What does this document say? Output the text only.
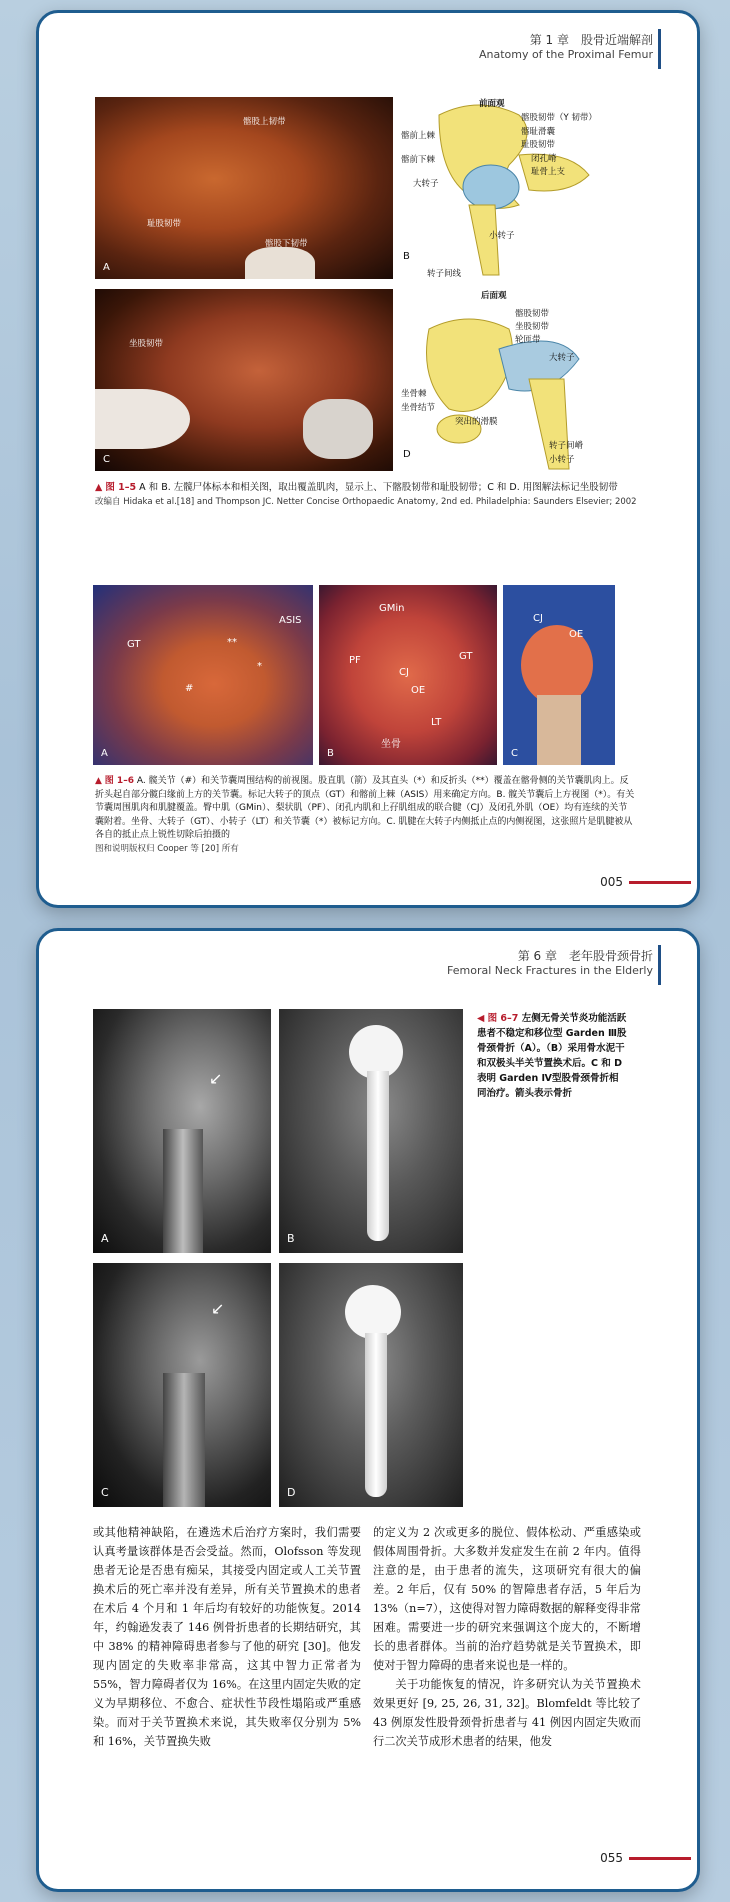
第 1 章　股骨近端解剖
Anatomy of the Proximal Femur
髂股上韧带
耻股韧带
髂股下韧带
A
前面观
髂股韧带（Y 韧带）
髂耻滑囊
耻股韧带
闭孔嵴
耻骨上支
髂前上棘
髂前下棘
大转子
小转子
转子间线
B
坐股韧带
C
后面观
髂股韧带
坐股韧带
轮匝带
大转子
坐骨棘
坐骨结节
突出的滑膜
转子间嵴
小转子
D
▲ 图 1–5 A 和 B. 左髋尸体标本和相关图，取出覆盖肌肉，显示上、下髂股韧带和耻股韧带；C 和 D. 用图解法标记坐股韧带
改编自 Hidaka et al.[18] and Thompson JC. Netter Concise Orthopaedic Anatomy, 2nd ed. Philadelphia: Saunders Elsevier; 2002
GT
ASIS
#
**
*
A
GMin
PF
CJ
OE
GT
LT
坐骨
B
CJ
OE
C
▲ 图 1–6 A. 髋关节（#）和关节囊周围结构的前视图。股直肌（箭）及其直头（*）和反折头（**）覆盖在髂骨侧的关节囊肌肉上。反折头起自部分髋臼缘前上方的关节囊。标记大转子的顶点（GT）和髂前上棘（ASIS）用来确定方向。B. 髋关节囊后上方视图（*）。有关节囊周围肌肉和肌腱覆盖。臀中肌（GMin）、梨状肌（PF）、闭孔内肌和上孖肌组成的联合腱（CJ）及闭孔外肌（OE）均有连续的关节囊附着。坐骨、大转子（GT）、小转子（LT）和关节囊（*）被标记方向。C. 肌腱在大转子内侧抵止点的内侧视图，这张照片是肌腱被从各自的抵止点上锐性切除后拍摄的
图和说明版权归 Cooper 等 [20] 所有
005
第 6 章　老年股骨颈骨折
Femoral Neck Fractures in the Elderly
A
↙
B
C
↙
D
◀ 图 6–7 左侧无骨关节炎功能活跃患者不稳定和移位型 Garden Ⅲ股骨颈骨折（A）。（B）采用骨水泥干和双极头半关节置换术后。C 和 D 表明 Garden Ⅳ型股骨颈骨折相同治疗。箭头表示骨折

或其他精神缺陷，在遴选术后治疗方案时，我们需要认真考量该群体是否会受益。然而，Olofsson 等发现患者无论是否患有痴呆，其接受内固定或人工关节置换术后的死亡率并没有差异，所有关节置换术的患者在术后 4 个月和 1 年后均有较好的功能恢复。2014 年，约翰逊发表了 146 例骨折患者的长期结研究，其中 38% 的精神障碍患者参与了他的研究 [30]。他发现内固定的失败率非常高，这其中智力正常者为 55%，智力障碍者仅为 16%。在这里内固定失败的定义为早期移位、不愈合、症状性节段性塌陷或严重感染。而对于关节置换术来说，其失败率仅分别为 5% 和 16%，关节置换失败

的定义为 2 次或更多的脱位、假体松动、严重感染或假体周围骨折。大多数并发症发生在前 2 年内。值得注意的是，由于患者的流失，这项研究有很大的偏差。2 年后，仅有 50% 的智障患者存活，5 年后为 13%（n=7），这使得对智力障碍数据的解释变得非常困难。需要进一步的研究来强调这个庞大的，不断增长的患者群体。当前的治疗趋势就是关节置换术，即使对于智力障碍的患者来说也是一样的。

关于功能恢复的情况，许多研究认为关节置换术效果更好 [9, 25, 26, 31, 32]。Blomfeldt 等比较了 43 例原发性股骨颈骨折患者与 41 例因内固定失败而行二次关节成形术患者的结果，他发

055
